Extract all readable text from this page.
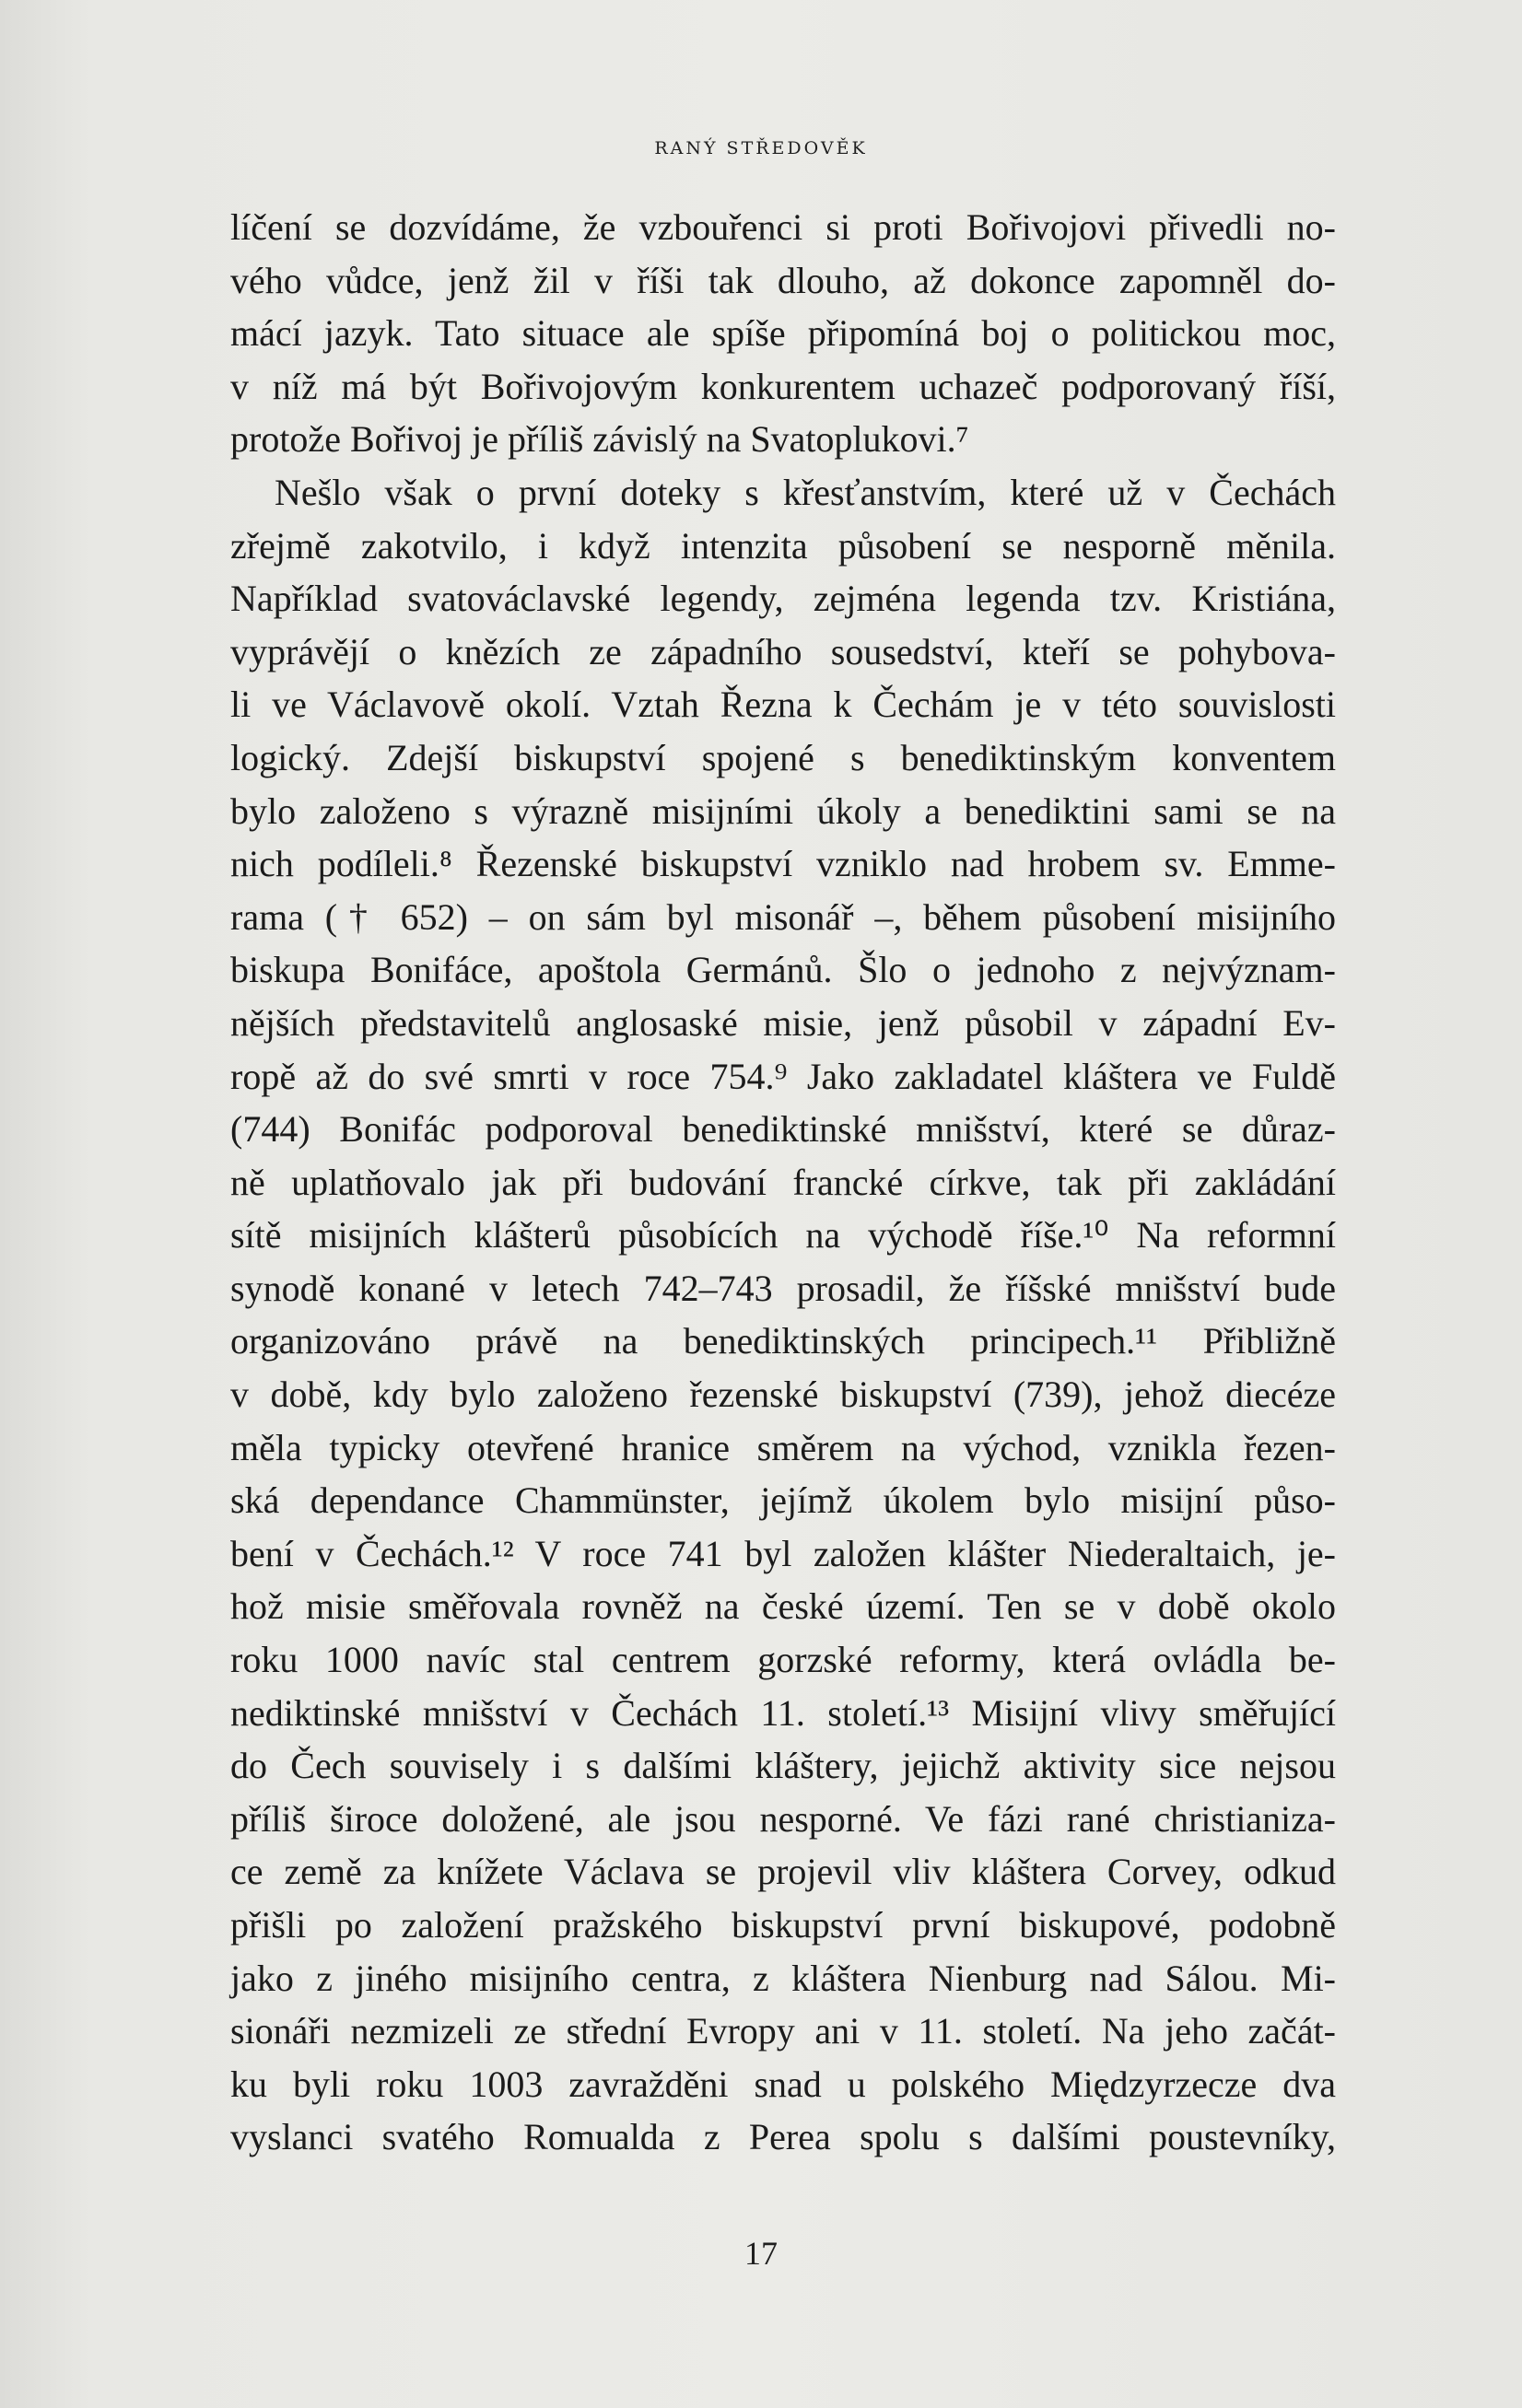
RANÝ STŘEDOVĚK
líčení se dozvídáme, že vzbouřenci si proti Bořivojovi přivedli no-
vého vůdce, jenž žil v říši tak dlouho, až dokonce zapomněl do-
mácí jazyk. Tato situace ale spíše připomíná boj o politickou moc,
v níž má být Bořivojovým konkurentem uchazeč podporovaný říší,
protože Bořivoj je příliš závislý na Svatoplukovi.⁷
Nešlo však o první doteky s křesťanstvím, které už v Čechách
zřejmě zakotvilo, i když intenzita působení se nesporně měnila.
Například svatováclavské legendy, zejména legenda tzv. Kristiána,
vyprávějí o knězích ze západního sousedství, kteří se pohybova-
li ve Václavově okolí. Vztah Řezna k Čechám je v této souvislosti
logický. Zdejší biskupství spojené s benediktinským konventem
bylo založeno s výrazně misijními úkoly a benediktini sami se na
nich podíleli.⁸ Řezenské biskupství vzniklo nad hrobem sv. Emme-
rama († 652) – on sám byl misonář –, během působení misijního
biskupa Bonifáce, apoštola Germánů. Šlo o jednoho z nejvýznam-
nějších představitelů anglosaské misie, jenž působil v západní Ev-
ropě až do své smrti v roce 754.⁹ Jako zakladatel kláštera ve Fuldě
(744) Bonifác podporoval benediktinské mnišství, které se důraz-
ně uplatňovalo jak při budování francké církve, tak při zakládání
sítě misijních klášterů působících na východě říše.¹⁰ Na reformní
synodě konané v letech 742–743 prosadil, že říšské mnišství bude
organizováno právě na benediktinských principech.¹¹ Přibližně
v době, kdy bylo založeno řezenské biskupství (739), jehož diecéze
měla typicky otevřené hranice směrem na východ, vznikla řezen-
ská dependance Chammünster, jejímž úkolem bylo misijní půso-
bení v Čechách.¹² V roce 741 byl založen klášter Niederaltaich, je-
hož misie směřovala rovněž na české území. Ten se v době okolo
roku 1000 navíc stal centrem gorzské reformy, která ovládla be-
nediktinské mnišství v Čechách 11. století.¹³ Misijní vlivy směřující
do Čech souvisely i s dalšími kláštery, jejichž aktivity sice nejsou
příliš široce doložené, ale jsou nesporné. Ve fázi rané christianiza-
ce země za knížete Václava se projevil vliv kláštera Corvey, odkud
přišli po založení pražského biskupství první biskupové, podobně
jako z jiného misijního centra, z kláštera Nienburg nad Sálou. Mi-
sionáři nezmizeli ze střední Evropy ani v 11. století. Na jeho začát-
ku byli roku 1003 zavražděni snad u polského Międzyrzecze dva
vyslanci svatého Romualda z Perea spolu s dalšími poustevníky,
17
